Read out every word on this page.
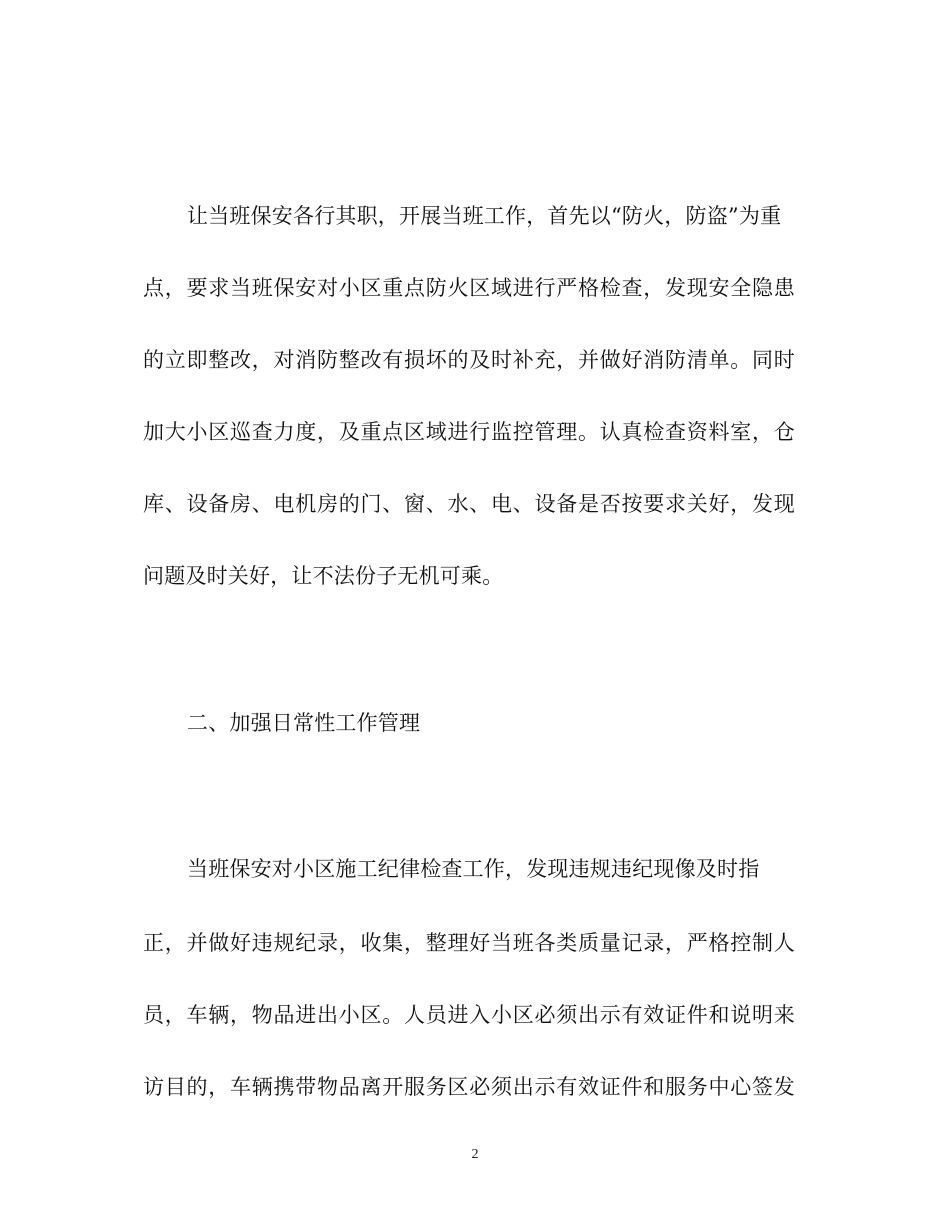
让当班保安各行其职，开展当班工作，首先以“防火，防盗”为重
点，要求当班保安对小区重点防火区域进行严格检查，发现安全隐患
的立即整改，对消防整改有损坏的及时补充，并做好消防清单。同时
加大小区巡查力度，及重点区域进行监控管理。认真检查资料室，仓
库、设备房、电机房的门、窗、水、电、设备是否按要求关好，发现
问题及时关好，让不法份子无机可乘。
二、加强日常性工作管理
当班保安对小区施工纪律检查工作，发现违规违纪现像及时指
正，并做好违规纪录，收集，整理好当班各类质量记录，严格控制人
员，车辆，物品进出小区。人员进入小区必须出示有效证件和说明来
访目的，车辆携带物品离开服务区必须出示有效证件和服务中心签发
2
